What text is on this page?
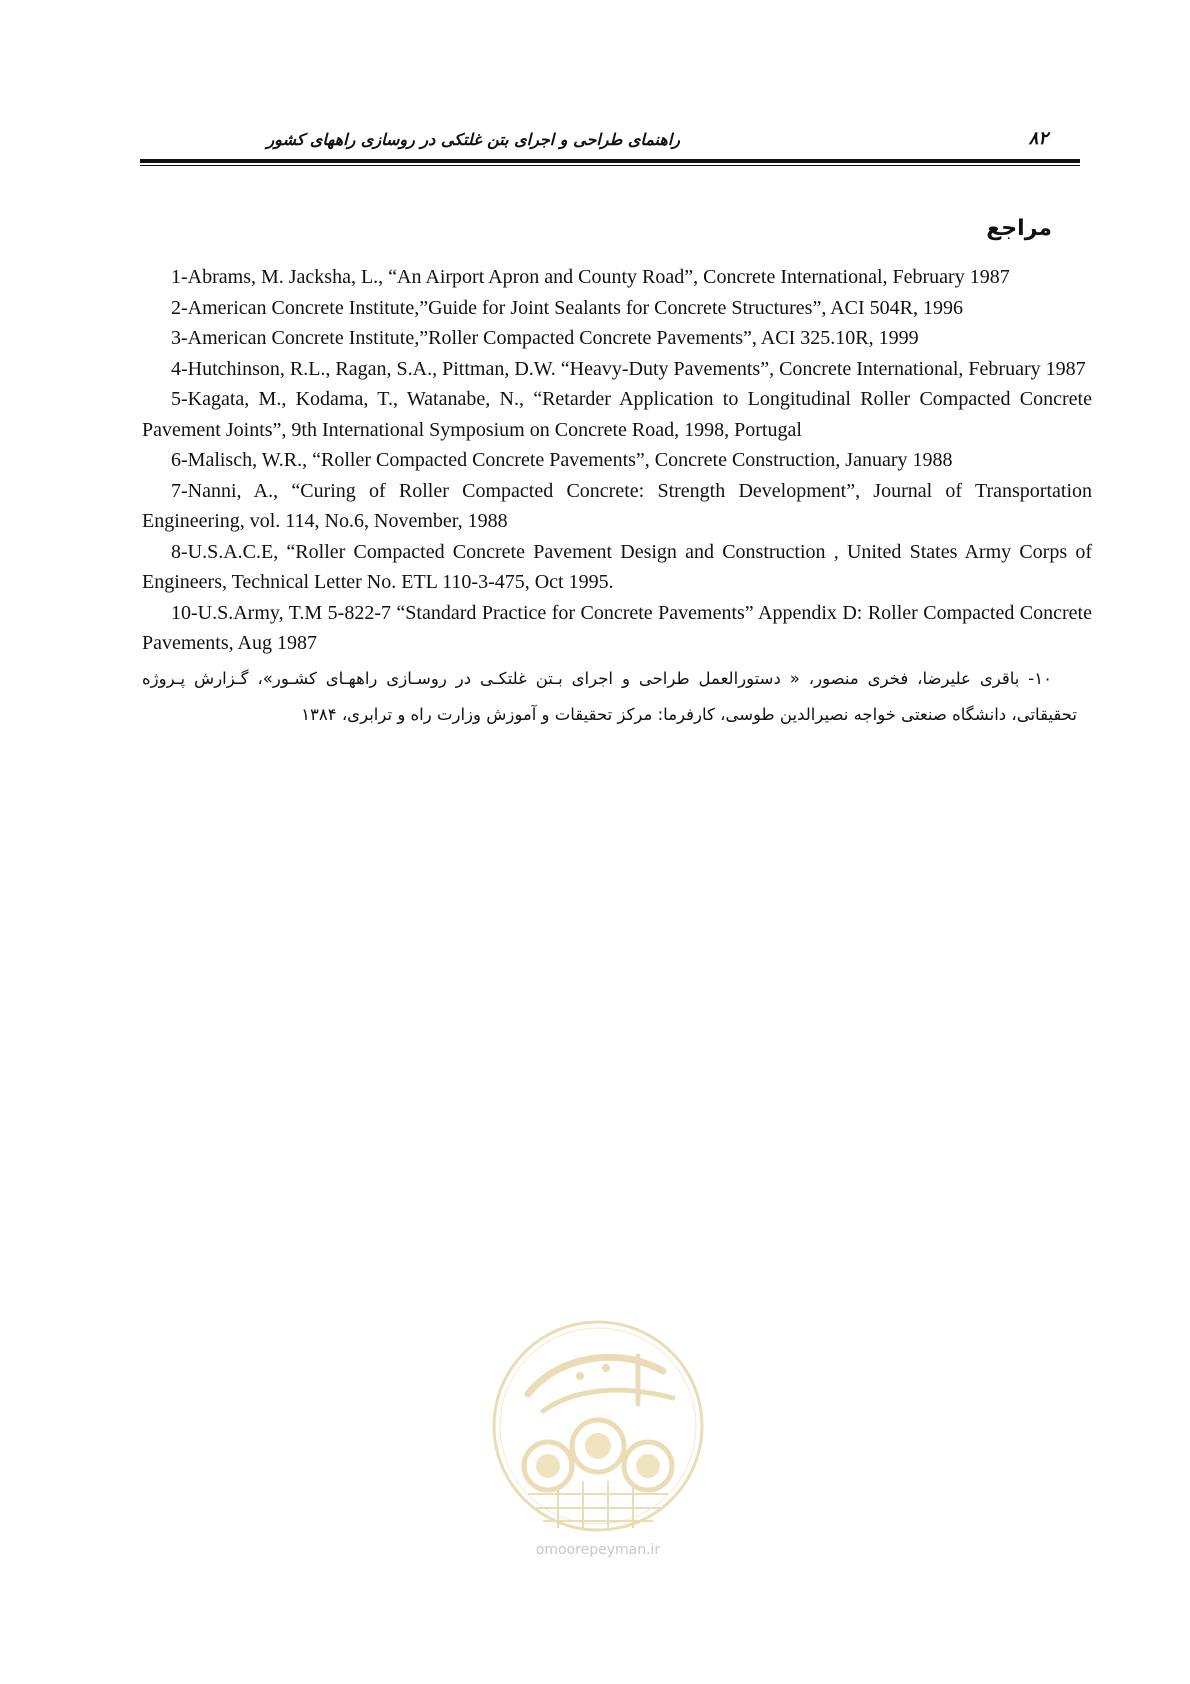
راهنمای طراحی و اجرای بتن غلتکی در روسازی راههای کشور	۸۲
مراجع

1-Abrams, M. Jacksha, L., “An Airport Apron and County Road”, Concrete International, February 1987

2-American Concrete Institute,”Guide for Joint Sealants for Concrete Structures”, ACI 504R, 1996

3-American Concrete Institute,”Roller Compacted Concrete Pavements”, ACI 325.10R, 1999

4-Hutchinson, R.L., Ragan, S.A., Pittman, D.W. “Heavy-Duty Pavements”, Concrete International, February 1987

5-Kagata, M., Kodama, T., Watanabe, N., “Retarder Application to Longitudinal Roller Compacted Concrete Pavement Joints”, 9th International Symposium on Concrete Road, 1998, Portugal

6-Malisch, W.R., “Roller Compacted Concrete Pavements”, Concrete Construction, January 1988

7-Nanni, A., “Curing of Roller Compacted Concrete: Strength Development”, Journal of Transportation Engineering, vol. 114, No.6, November, 1988

8-U.S.A.C.E, “Roller Compacted Concrete Pavement Design and Construction , United States Army Corps of Engineers, Technical Letter No. ETL 110-3-475, Oct 1995.

10-U.S.Army, T.M 5-822-7 “Standard Practice for Concrete Pavements” Appendix D: Roller Compacted Concrete Pavements, Aug 1987

۱۰- باقری علیرضا، فخری منصور، « دستورالعمل طراحی و اجرای بـتن غلتکـی در روسـازی راههـای کشـور»، گـزارش پـروژه تحقیقاتی، دانشگاه صنعتی خواجه نصیرالدین طوسی، کارفرما: مرکز تحقیقات و آموزش وزارت راه و ترابری، ۱۳۸۴

omoorepeyman.ir
